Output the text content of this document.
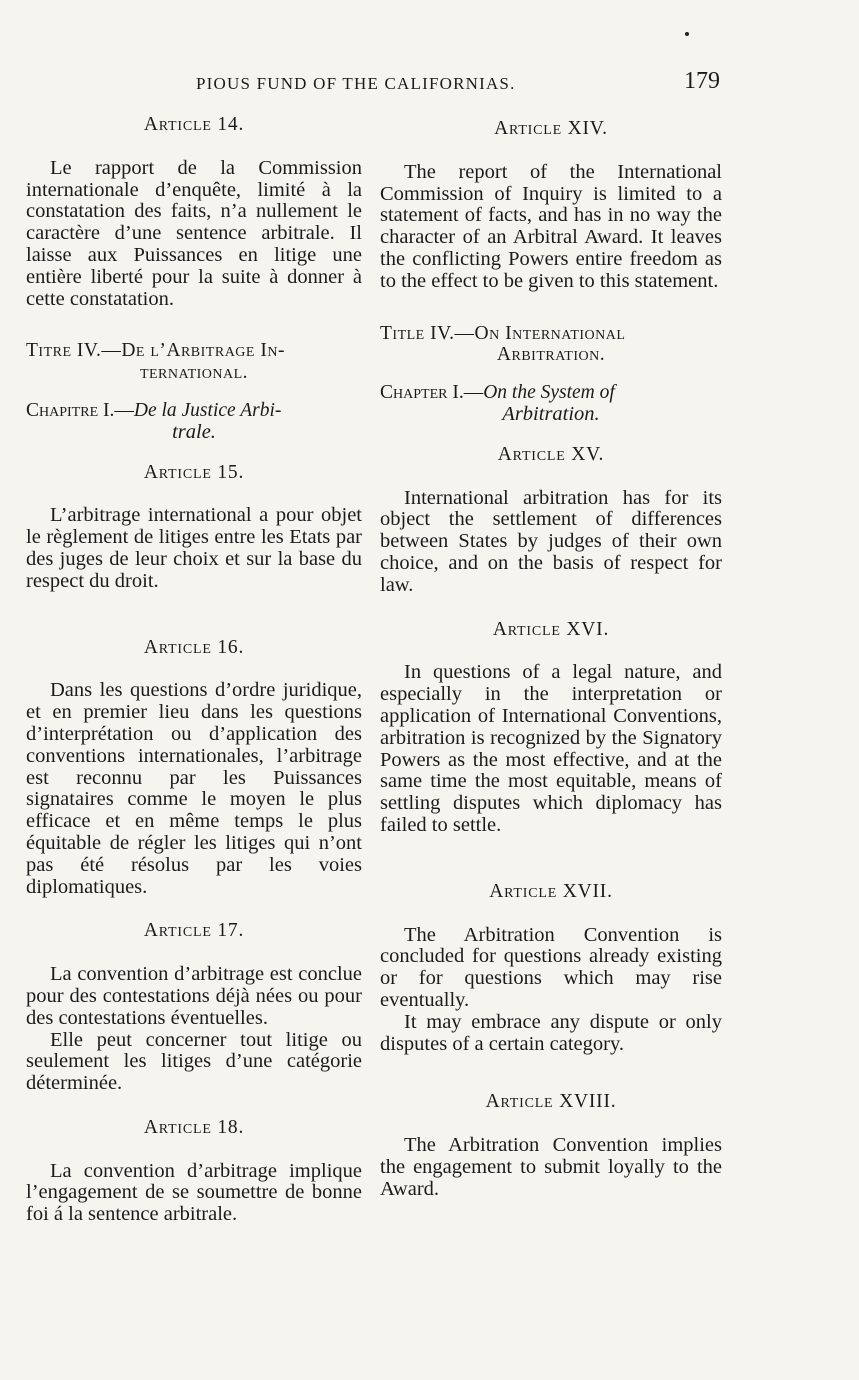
PIOUS FUND OF THE CALIFORNIAS.	179
Article 14.

Le rapport de la Commission internationale d’enquête, limité à la constatation des faits, n’a nullement le caractère d’une sentence arbitrale. Il laisse aux Puissances en litige une entière liberté pour la suite à donner à cette constatation.

Titre IV.—De l’Arbitrage In-
ternational.
Chapitre I.—De la Justice Arbi-
trale.
Article 15.

L’arbitrage international a pour objet le règlement de litiges entre les Etats par des juges de leur choix et sur la base du respect du droit.

Article 16.

Dans les questions d’ordre juridique, et en premier lieu dans les questions d’interprétation ou d’application des conventions internationales, l’arbitrage est reconnu par les Puissances signataires comme le moyen le plus efficace et en même temps le plus équitable de régler les litiges qui n’ont pas été résolus par les voies diplomatiques.

Article 17.

La convention d’arbitrage est conclue pour des contestations déjà nées ou pour des contestations éventuelles.

Elle peut concerner tout litige ou seulement les litiges d’une catégorie déterminée.

Article 18.

La convention d’arbitrage implique l’engagement de se soumettre de bonne foi á la sentence arbitrale.

Article XIV.

The report of the International Commission of Inquiry is limited to a statement of facts, and has in no way the character of an Arbitral Award. It leaves the conflicting Powers entire freedom as to the effect to be given to this statement.

Title IV.—On International
Arbitration.
Chapter I.—On the System of
Arbitration.
Article XV.

International arbitration has for its object the settlement of differences between States by judges of their own choice, and on the basis of respect for law.

Article XVI.

In questions of a legal nature, and especially in the interpretation or application of International Conventions, arbitration is recognized by the Signatory Powers as the most effective, and at the same time the most equitable, means of settling disputes which diplomacy has failed to settle.

Article XVII.

The Arbitration Convention is concluded for questions already existing or for questions which may rise eventually.

It may embrace any dispute or only disputes of a certain category.

Article XVIII.

The Arbitration Convention implies the engagement to submit loyally to the Award.
